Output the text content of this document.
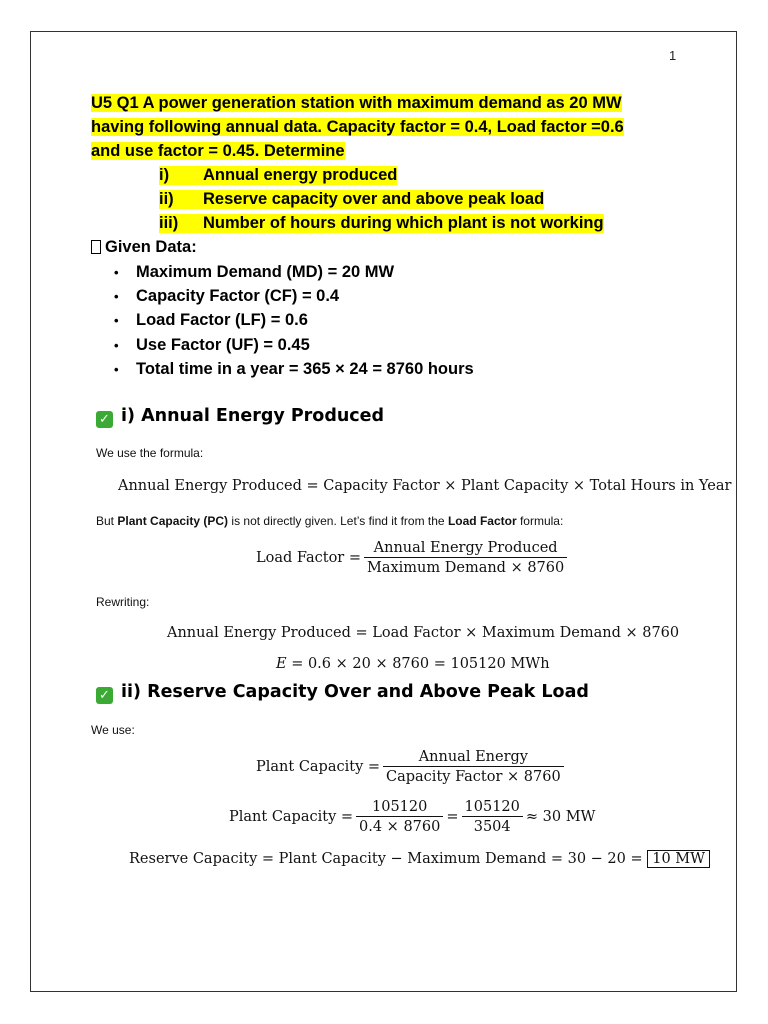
1
U5 Q1 A power generation station with maximum demand as 20 MW
having following annual data. Capacity factor = 0.4, Load factor =0.6
and use factor = 0.45. Determine
i) Annual energy produced
ii) Reserve capacity over and above peak load
iii) Number of hours during which plant is not working
Given Data:
• Maximum Demand (MD) = 20 MW
• Capacity Factor (CF) = 0.4
• Load Factor (LF) = 0.6
• Use Factor (UF) = 0.45
• Total time in a year = 365 × 24 = 8760 hours
✓ i) Annual Energy Produced
We use the formula:
Annual Energy Produced = Capacity Factor × Plant Capacity × Total Hours in Year
But Plant Capacity (PC) is not directly given. Let’s find it from the Load Factor formula:
Load Factor = $\frac{\text{Annual Energy Produced}}{\text{Maximum Demand × 8760}}$
Rewriting:
Annual Energy Produced = Load Factor × Maximum Demand × 8760
E = 0.6 × 20 × 8760 = 105120 MWh
✓ ii) Reserve Capacity Over and Above Peak Load
We use:
Plant Capacity = $\frac{\text{Annual Energy}}{\text{Capacity Factor × 8760}}$
Plant Capacity = $\frac{105120}{0.4 \times 8760} = \frac{105120}{3504} \approx 30$ MW
Reserve Capacity = Plant Capacity − Maximum Demand = 30 − 20 = 10 MW
